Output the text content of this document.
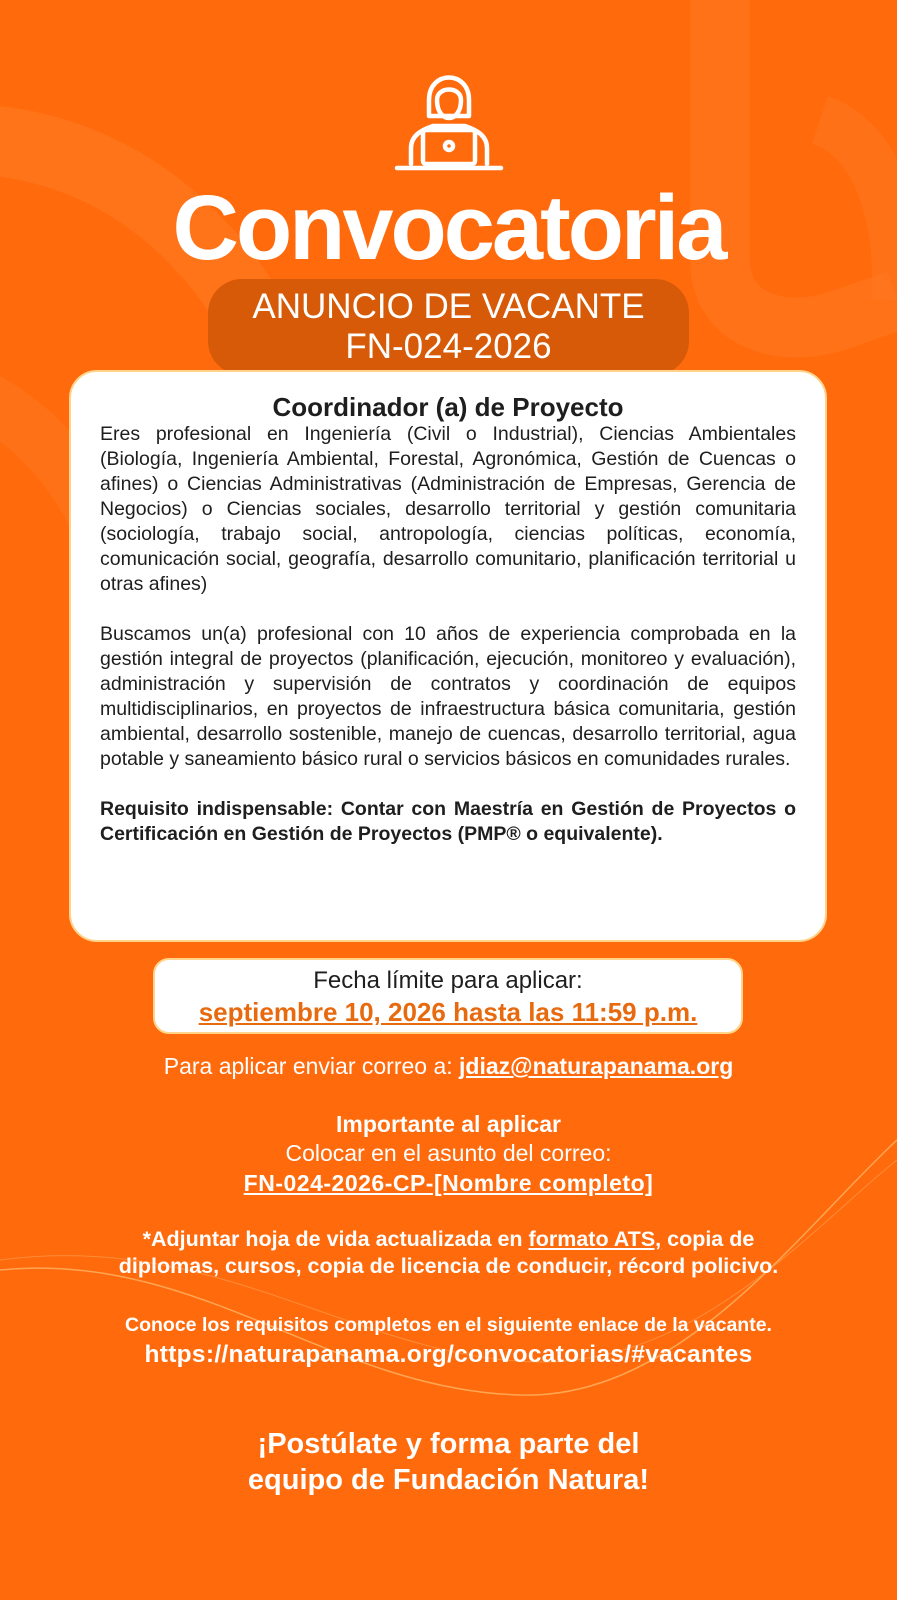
Convocatoria
ANUNCIO DE VACANTE
FN-024-2026
Coordinador (a) de Proyecto

Eres profesional en Ingeniería (Civil o Industrial), Ciencias Ambientales (Biología, Ingeniería Ambiental, Forestal, Agronómica, Gestión de Cuencas o afines) o Ciencias Administrativas (Administración de Empresas, Gerencia de Negocios) o Ciencias sociales, desarrollo territorial y gestión comunitaria (sociología, trabajo social, antropología, ciencias políticas, economía, comunicación social, geografía, desarrollo comunitario, planificación territorial u otras afines)

Buscamos un(a) profesional con 10 años de experiencia comprobada en la gestión integral de proyectos (planificación, ejecución, monitoreo y evaluación), administración y supervisión de contratos y coordinación de equipos multidisciplinarios, en proyectos de infraestructura básica comunitaria, gestión ambiental, desarrollo sostenible, manejo de cuencas, desarrollo territorial, agua potable y saneamiento básico rural o servicios básicos en comunidades rurales.

Requisito indispensable: Contar con Maestría en Gestión de Proyectos o Certificación en Gestión de Proyectos (PMP® o equivalente).

Fecha límite para aplicar:
septiembre 10, 2026 hasta las 11:59 p.m.
Para aplicar enviar correo a: jdiaz@naturapanama.org
Importante al aplicar
Colocar en el asunto del correo:
FN-024-2026-CP-[Nombre completo]
*Adjuntar hoja de vida actualizada en formato ATS, copia de
diplomas, cursos, copia de licencia de conducir, récord policivo.
Conoce los requisitos completos en el siguiente enlace de la vacante.
https://naturapanama.org/convocatorias/#vacantes
¡Postúlate y forma parte del
equipo de Fundación Natura!
